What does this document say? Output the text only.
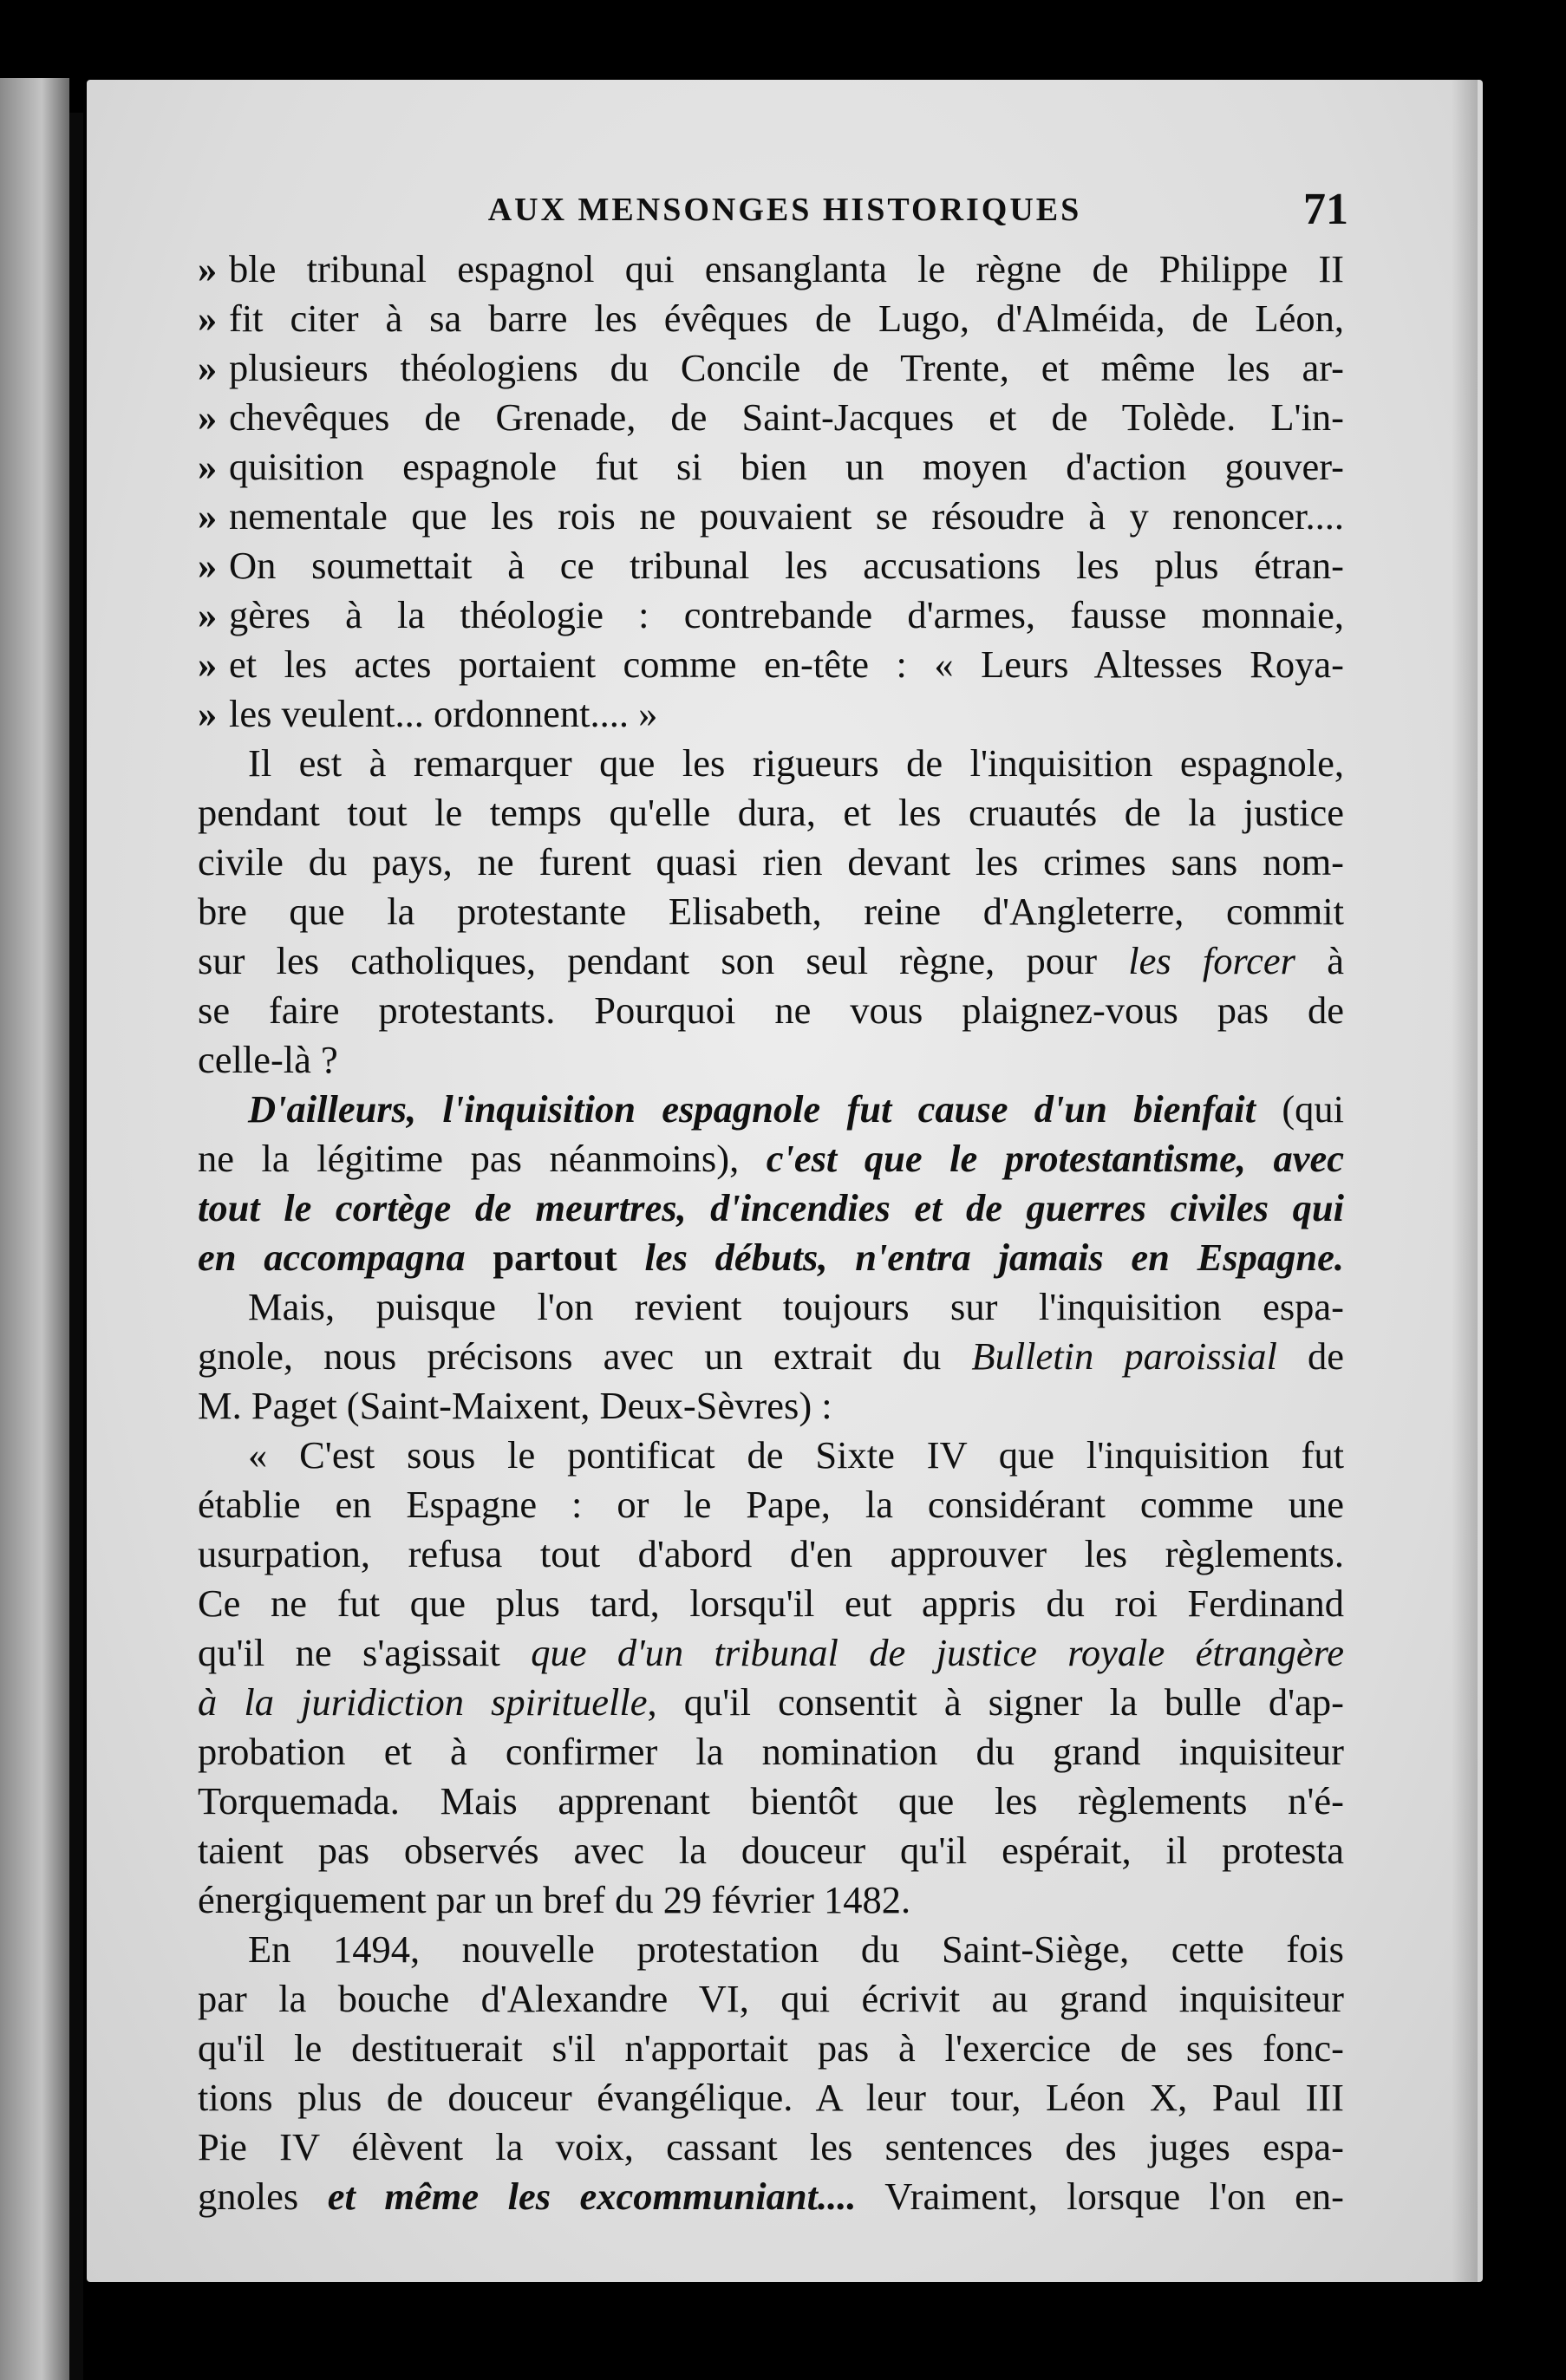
AUX MENSONGES HISTORIQUES	71
» ble tribunal espagnol qui ensanglanta le règne de Philippe II
» fit citer à sa barre les évêques de Lugo, d'Alméida, de Léon,
» plusieurs théologiens du Concile de Trente, et même les ar-
» chevêques de Grenade, de Saint-Jacques et de Tolède. L'in-
» quisition espagnole fut si bien un moyen d'action gouver-
» nementale que les rois ne pouvaient se résoudre à y renoncer....
» On soumettait à ce tribunal les accusations les plus étran-
» gères à la théologie : contrebande d'armes, fausse monnaie,
» et les actes portaient comme en-tête : « Leurs Altesses Roya-
» les veulent... ordonnent.... »
Il est à remarquer que les rigueurs de l'inquisition espagnole,
pendant tout le temps qu'elle dura, et les cruautés de la justice
civile du pays, ne furent quasi rien devant les crimes sans nom-
bre que la protestante Elisabeth, reine d'Angleterre, commit
sur les catholiques, pendant son seul règne, pour les forcer à
se faire protestants. Pourquoi ne vous plaignez-vous pas de
celle-là ?
D'ailleurs, l'inquisition espagnole fut cause d'un bienfait (qui
ne la légitime pas néanmoins), c'est que le protestantisme, avec
tout le cortège de meurtres, d'incendies et de guerres civiles qui
en accompagna partout les débuts, n'entra jamais en Espagne.
Mais, puisque l'on revient toujours sur l'inquisition espa-
gnole, nous précisons avec un extrait du Bulletin paroissial de
M. Paget (Saint-Maixent, Deux-Sèvres) :
« C'est sous le pontificat de Sixte IV que l'inquisition fut
établie en Espagne : or le Pape, la considérant comme une
usurpation, refusa tout d'abord d'en approuver les règlements.
Ce ne fut que plus tard, lorsqu'il eut appris du roi Ferdinand
qu'il ne s'agissait que d'un tribunal de justice royale étrangère
à la juridiction spirituelle, qu'il consentit à signer la bulle d'ap-
probation et à confirmer la nomination du grand inquisiteur
Torquemada. Mais apprenant bientôt que les règlements n'é-
taient pas observés avec la douceur qu'il espérait, il protesta
énergiquement par un bref du 29 février 1482.
En 1494, nouvelle protestation du Saint-Siège, cette fois
par la bouche d'Alexandre VI, qui écrivit au grand inquisiteur
qu'il le destituerait s'il n'apportait pas à l'exercice de ses fonc-
tions plus de douceur évangélique. A leur tour, Léon X, Paul III
Pie IV élèvent la voix, cassant les sentences des juges espa-
gnoles et même les excommuniant.... Vraiment, lorsque l'on en-
